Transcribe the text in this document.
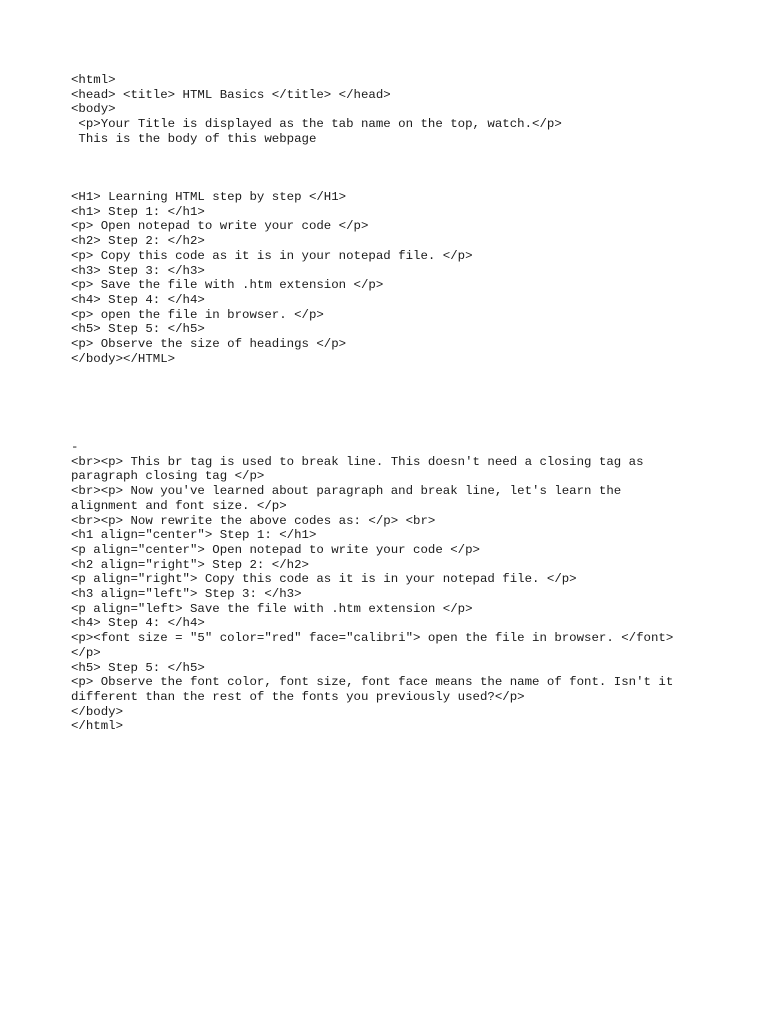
<html>
<head> <title> HTML Basics </title> </head>
<body>
<p>Your Title is displayed as the tab name on the top, watch.</p>
This is the body of this webpage
<H1> Learning HTML step by step </H1>
<h1> Step 1: </h1>
<p> Open notepad to write your code </p>
<h2> Step 2: </h2>
<p> Copy this code as it is in your notepad file. </p>
<h3> Step 3: </h3>
<p> Save the file with .htm extension </p>
<h4> Step 4: </h4>
<p> open the file in browser. </p>
<h5> Step 5: </h5>
<p> Observe the size of headings </p>
</body></HTML>
-
<br><p> This br tag is used to break line. This doesn't need a closing tag as
paragraph closing tag </p>
<br><p> Now you've learned about paragraph and break line, let's learn the
alignment and font size. </p>
<br><p> Now rewrite the above codes as: </p> <br>
<h1 align="center"> Step 1: </h1>
<p align="center"> Open notepad to write your code </p>
<h2 align="right"> Step 2: </h2>
<p align="right"> Copy this code as it is in your notepad file. </p>
<h3 align="left"> Step 3: </h3>
<p align="left> Save the file with .htm extension </p>
<h4> Step 4: </h4>
<p><font size = "5" color="red" face="calibri"> open the file in browser. </font>
</p>
<h5> Step 5: </h5>
<p> Observe the font color, font size, font face means the name of font. Isn't it
different than the rest of the fonts you previously used?</p>
</body>
</html>
